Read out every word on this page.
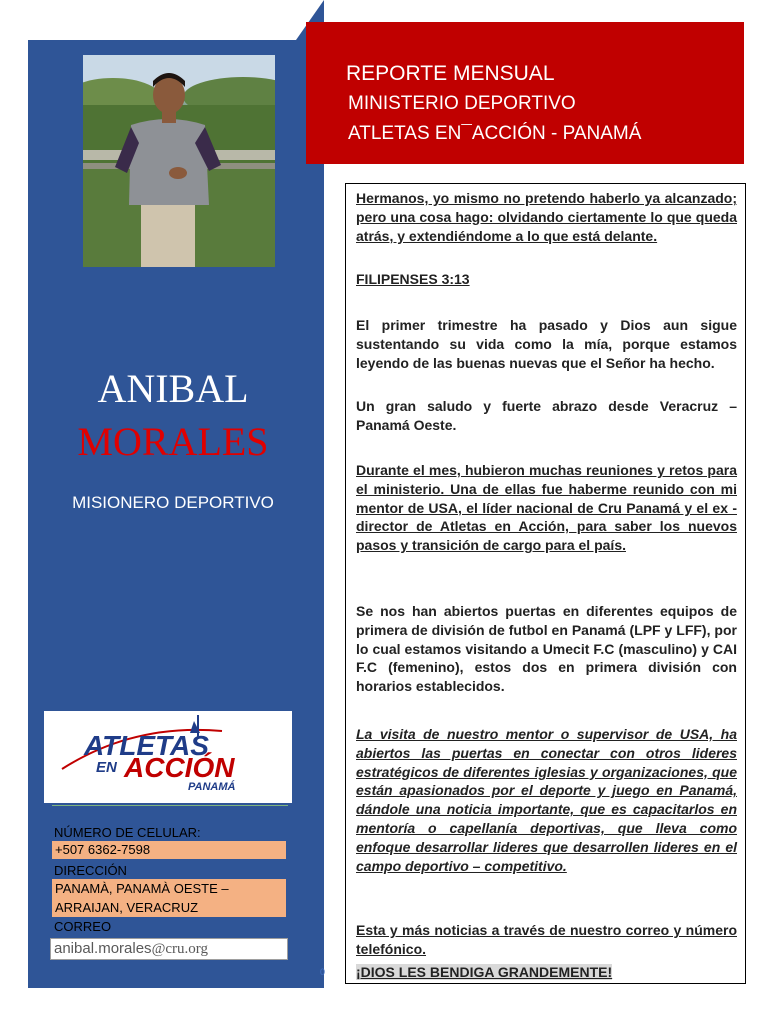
REPORTE MENSUAL
MINISTERIO DEPORTIVO
ATLETAS EN¯ACCIÓN - PANAMÁ
ANIBAL
MORALES
MISIONERO DEPORTIVO
ATLETAS
EN ACCIÓN
PANAMÁ
NÚMERO DE CELULAR:
+507 6362-7598
DIRECCIÓN
PANAMÀ, PANAMÀ OESTE –
ARRAIJAN, VERACRUZ
CORREO
anibal.morales@cru.org
0

Hermanos, yo mismo no pretendo haberlo ya alcanzado; pero una cosa hago: olvidando ciertamente lo que queda atrás, y extendiéndome a lo que está delante.

FILIPENSES 3:13

El primer trimestre ha pasado y Dios aun sigue sustentando su vida como la mía, porque estamos leyendo de las buenas nuevas que el Señor ha hecho.

Un gran saludo y fuerte abrazo desde Veracruz – Panamá Oeste.

Durante el mes, hubieron muchas reuniones y retos para el ministerio. Una de ellas fue haberme reunido con mi mentor de USA, el líder nacional de Cru Panamá y el ex - director de Atletas en Acción, para saber los nuevos pasos y transición de cargo para el país.

Se nos han abiertos puertas en diferentes equipos de primera de división de futbol en Panamá (LPF y LFF), por lo cual estamos visitando a Umecit F.C (masculino) y CAI F.C (femenino), estos dos en primera división con horarios establecidos.

La visita de nuestro mentor o supervisor de USA, ha abiertos las puertas en conectar con otros lideres estratégicos de diferentes iglesias y organizaciones, que están apasionados por el deporte y juego en Panamá, dándole una noticia importante, que es capacitarlos en mentoría o capellanía deportivas, que lleva como enfoque desarrollar lideres que desarrollen lideres en el campo deportivo – competitivo.

Esta y más noticias a través de nuestro correo y número telefónico.

¡DIOS LES BENDIGA GRANDEMENTE!
